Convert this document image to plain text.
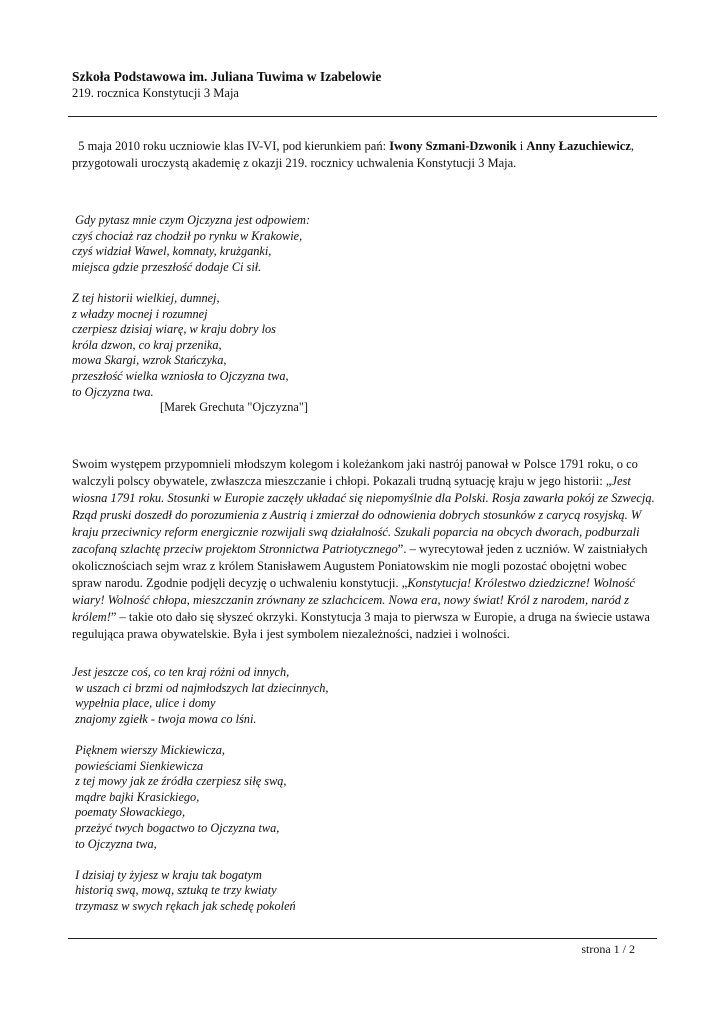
Szkoła Podstawowa im. Juliana Tuwima w Izabelowie
219. rocznica Konstytucji 3 Maja
5 maja 2010 roku uczniowie klas IV-VI, pod kierunkiem pań: Iwony Szmani-Dzwonik i Anny Łazuchiewicz, przygotowali uroczystą akademię z okazji 219. rocznicy uchwalenia Konstytucji 3 Maja.
Gdy pytasz mnie czym Ojczyzna jest odpowiem:
czyś chociaż raz chodził po rynku w Krakowie,
czyś widział Wawel, komnaty, krużganki,
miejsca gdzie przeszłość dodaje Ci sił.
Z tej historii wielkiej, dumnej,
z władzy mocnej i rozumnej
czerpiesz dzisiaj wiarę, w kraju dobry los
króla dzwon, co kraj przenika,
mowa Skargi, wzrok Stańczyka,
przeszłość wielka wzniosła to Ojczyzna twa,
to Ojczyzna twa.
[Marek Grechuta "Ojczyzna"]
Swoim występem przypomnieli młodszym kolegom i koleżankom jaki nastrój panował w Polsce 1791 roku, o co walczyli polscy obywatele, zwłaszcza mieszczanie i chłopi. Pokazali trudną sytuację kraju w jego historii: „Jest wiosna 1791 roku. Stosunki w Europie zaczęły układać się niepomyślnie dla Polski. Rosja zawarła pokój ze Szwecją. Rząd pruski doszedł do porozumienia z Austrią i zmierzał do odnowienia dobrych stosunków z carycą rosyjską. W kraju przeciwnicy reform energicznie rozwijali swą działalność. Szukali poparcia na obcych dworach, podburzali zacofaną szlachtę przeciw projektom Stronnictwa Patriotycznego”. – wyrecytował jeden z uczniów. W zaistniałych okolicznościach sejm wraz z królem Stanisławem Augustem Poniatowskim nie mogli pozostać obojętni wobec spraw narodu. Zgodnie podjęli decyzję o uchwaleniu konstytucji. „Konstytucja! Królestwo dziedziczne! Wolność wiary! Wolność chłopa, mieszczanin zrównany ze szlachcicem. Nowa era, nowy świat! Król z narodem, naród z królem!” – takie oto dało się słyszeć okrzyki. Konstytucja 3 maja to pierwsza w Europie, a druga na świecie ustawa regulująca prawa obywatelskie. Była i jest symbolem niezależności, nadziei i wolności.
Jest jeszcze coś, co ten kraj różni od innych,
w uszach ci brzmi od najmłodszych lat dziecinnych,
wypełnia place, ulice i domy
znajomy zgiełk - twoja mowa co lśni.
Pięknem wierszy Mickiewicza,
powieściami Sienkiewicza
z tej mowy jak ze źródła czerpiesz siłę swą,
mądre bajki Krasickiego,
poematy Słowackiego,
przeżyć twych bogactwo to Ojczyzna twa,
to Ojczyzna twa,
I dzisiaj ty żyjesz w kraju tak bogatym
historią swą, mową, sztuką te trzy kwiaty
trzymasz w swych rękach jak schedę pokoleń
strona 1 / 2
